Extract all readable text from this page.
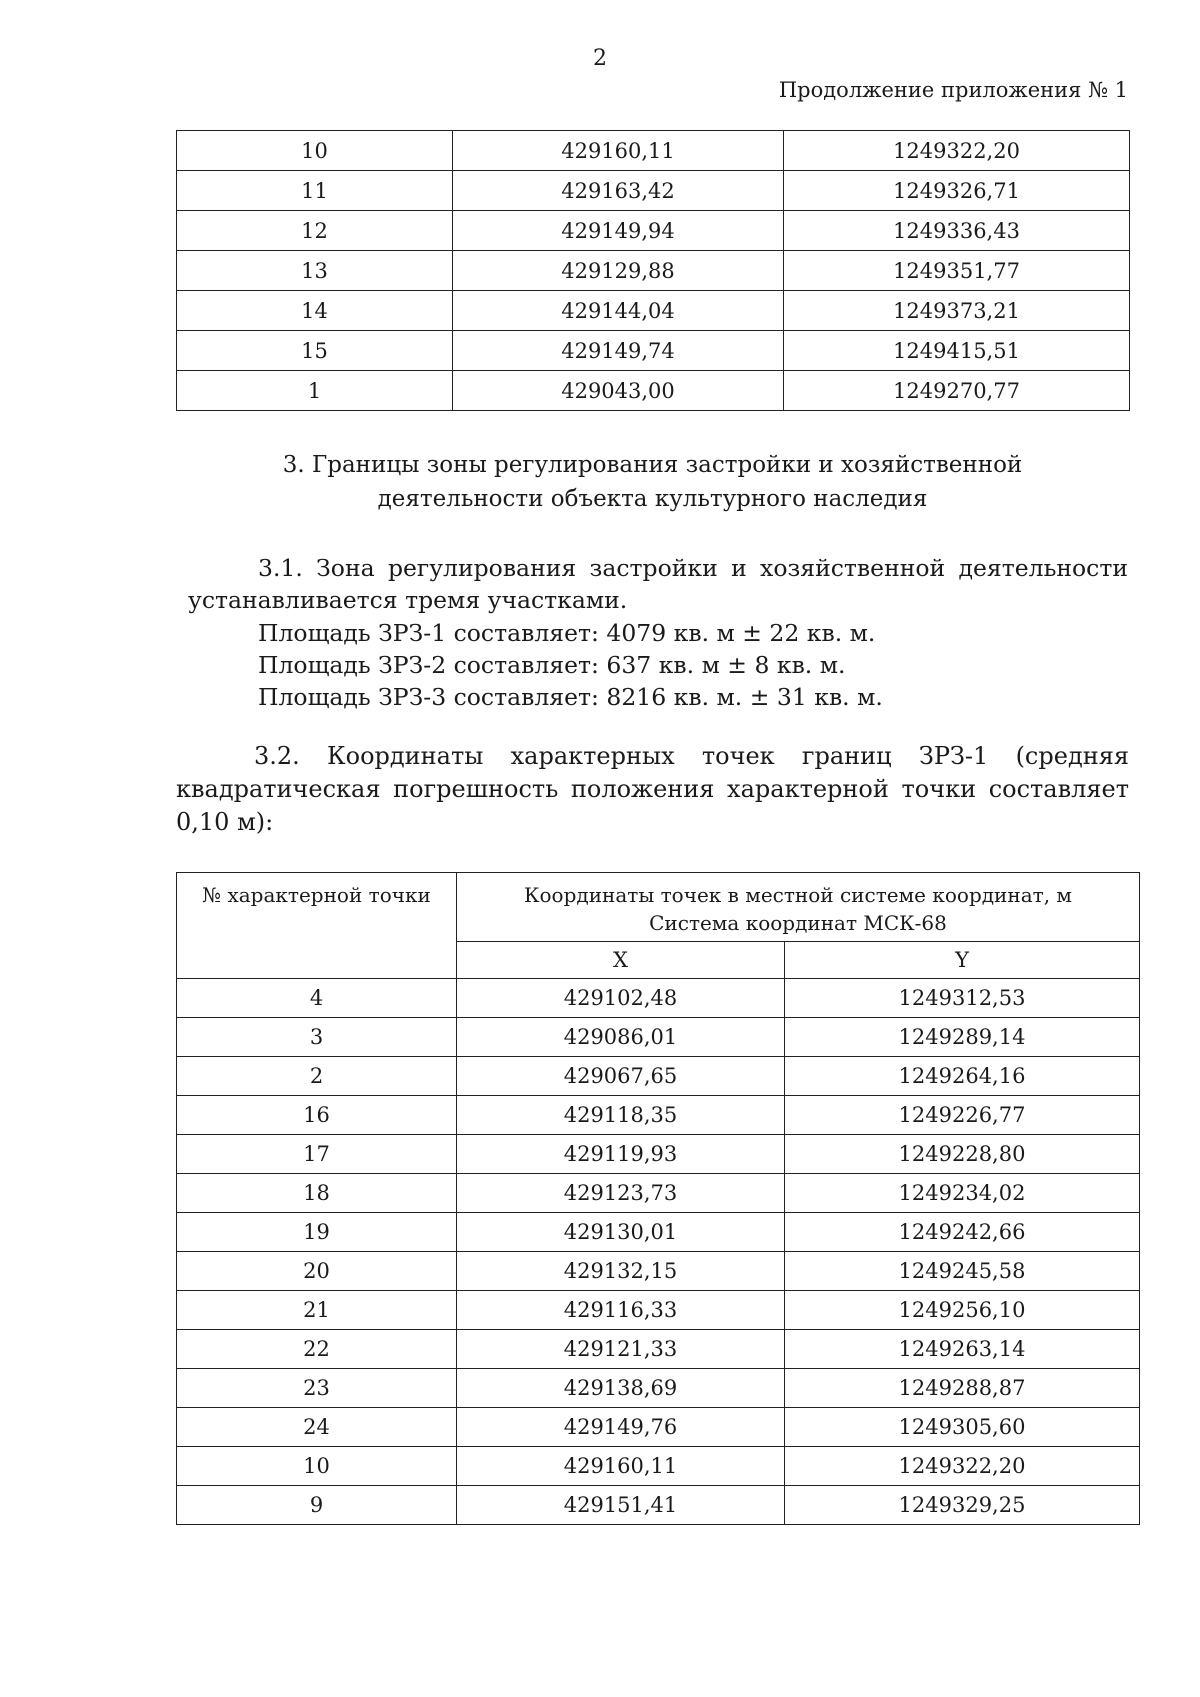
2
Продолжение приложения № 1
10	429160,11	1249322,20
11	429163,42	1249326,71
12	429149,94	1249336,43
13	429129,88	1249351,77
14	429144,04	1249373,21
15	429149,74	1249415,51
1	429043,00	1249270,77
3. Границы зоны регулирования застройки и хозяйственной
деятельности объекта культурного наследия
3.1. Зона регулирования застройки и хозяйственной деятельности
устанавливается тремя участками.
Площадь ЗРЗ-1 составляет: 4079 кв. м ± 22 кв. м.
Площадь ЗРЗ-2 составляет: 637 кв. м ± 8 кв. м.
Площадь ЗРЗ-3 составляет: 8216 кв. м. ± 31 кв. м.
3.2. Координаты характерных точек границ ЗРЗ-1 (средняя
квадратическая погрешность положения характерной точки составляет
0,10 м):
№ характерной точки	Координаты точек в местной системе координат, м
Система координат МСК-68	

	X	Y
4	429102,48	1249312,53
3	429086,01	1249289,14
2	429067,65	1249264,16
16	429118,35	1249226,77
17	429119,93	1249228,80
18	429123,73	1249234,02
19	429130,01	1249242,66
20	429132,15	1249245,58
21	429116,33	1249256,10
22	429121,33	1249263,14
23	429138,69	1249288,87
24	429149,76	1249305,60
10	429160,11	1249322,20
9	429151,41	1249329,25
